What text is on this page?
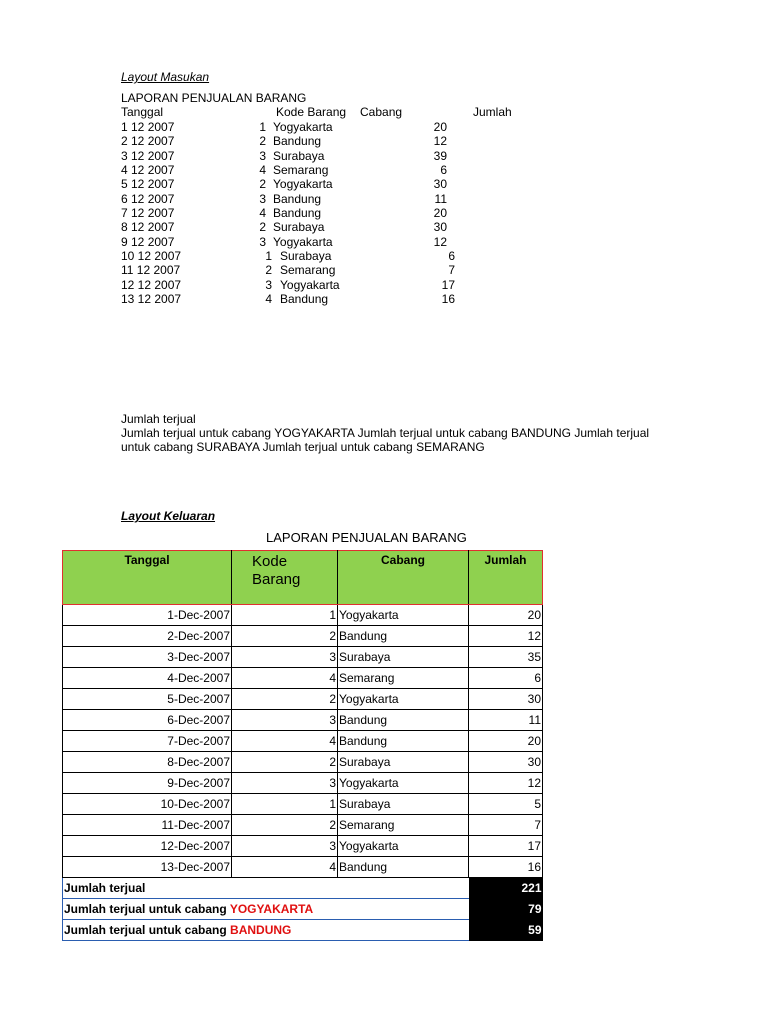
Layout Masukan
LAPORAN PENJUALAN BARANG
Tanggal	Kode Barang Cabang	Jumlah
1 12 2007	1 Yogyakarta	20
2 12 2007	2 Bandung	12
3 12 2007	3 Surabaya	39
4 12 2007	4 Semarang	6
5 12 2007	2 Yogyakarta	30
6 12 2007	3 Bandung	11
7 12 2007	4 Bandung	20
8 12 2007	2 Surabaya	30
9 12 2007	3 Yogyakarta	12
10 12 2007	1 Surabaya	6
11 12 2007	2 Semarang	7
12 12 2007	3 Yogyakarta	17
13 12 2007	4 Bandung	16
Jumlah terjual
Jumlah terjual untuk cabang YOGYAKARTA Jumlah terjual untuk cabang BANDUNG Jumlah terjual
untuk cabang SURABAYA Jumlah terjual untuk cabang SEMARANG
Layout Keluaran
LAPORAN PENJUALAN BARANG
Tanggal	Kode Barang	Cabang	Jumlah
1-Dec-2007	1	Yogyakarta	20
2-Dec-2007	2	Bandung	12
3-Dec-2007	3	Surabaya	35
4-Dec-2007	4	Semarang	6
5-Dec-2007	2	Yogyakarta	30
6-Dec-2007	3	Bandung	11
7-Dec-2007	4	Bandung	20
8-Dec-2007	2	Surabaya	30
9-Dec-2007	3	Yogyakarta	12
10-Dec-2007	1	Surabaya	5
11-Dec-2007	2	Semarang	7
12-Dec-2007	3	Yogyakarta	17
13-Dec-2007	4	Bandung	16
Jumlah terjual			221
Jumlah terjual untuk cabang YOGYAKARTA			79
Jumlah terjual untuk cabang BANDUNG			59
